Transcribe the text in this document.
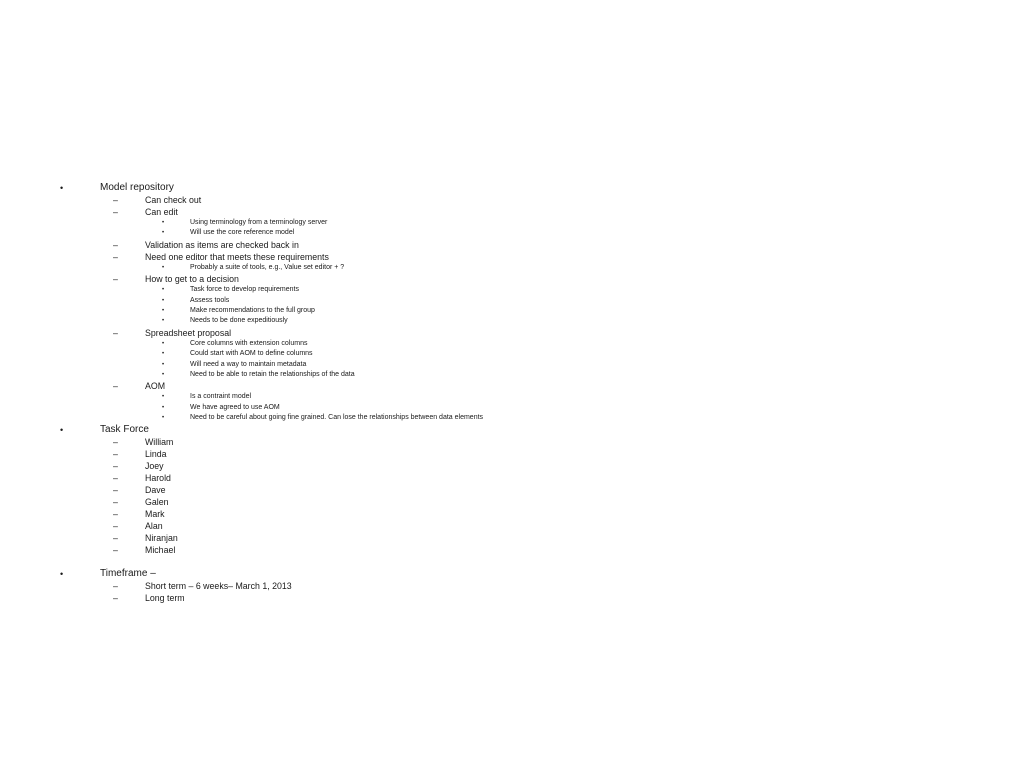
•	Model repository

–	Can check out

–	Can edit

•	Using terminology from a terminology server

•	Will use the core reference model

–	Validation as items are checked back in

–	Need one editor that meets these requirements

•	Probably a suite of tools, e.g., Value set editor + ?

–	How to get to a decision

•	Task force to develop requirements

•	Assess tools

•	Make recommendations to the full group

•	Needs to be done expeditiously

–	Spreadsheet proposal

•	Core columns with extension columns

•	Could start with AOM to define columns

•	Will need a way to maintain metadata

•	Need to be able to retain the relationships of the data

–	AOM

•	Is a contraint model

•	We have agreed to use AOM

•	Need to be careful about going fine grained. Can lose the relationships between data elements

•	Task Force

–	William

–	Linda

–	Joey

–	Harold

–	Dave

–	Galen

–	Mark

–	Alan

–	Niranjan

–	Michael

•	Timeframe –

–	Short term – 6 weeks– March 1, 2013

–	Long term
